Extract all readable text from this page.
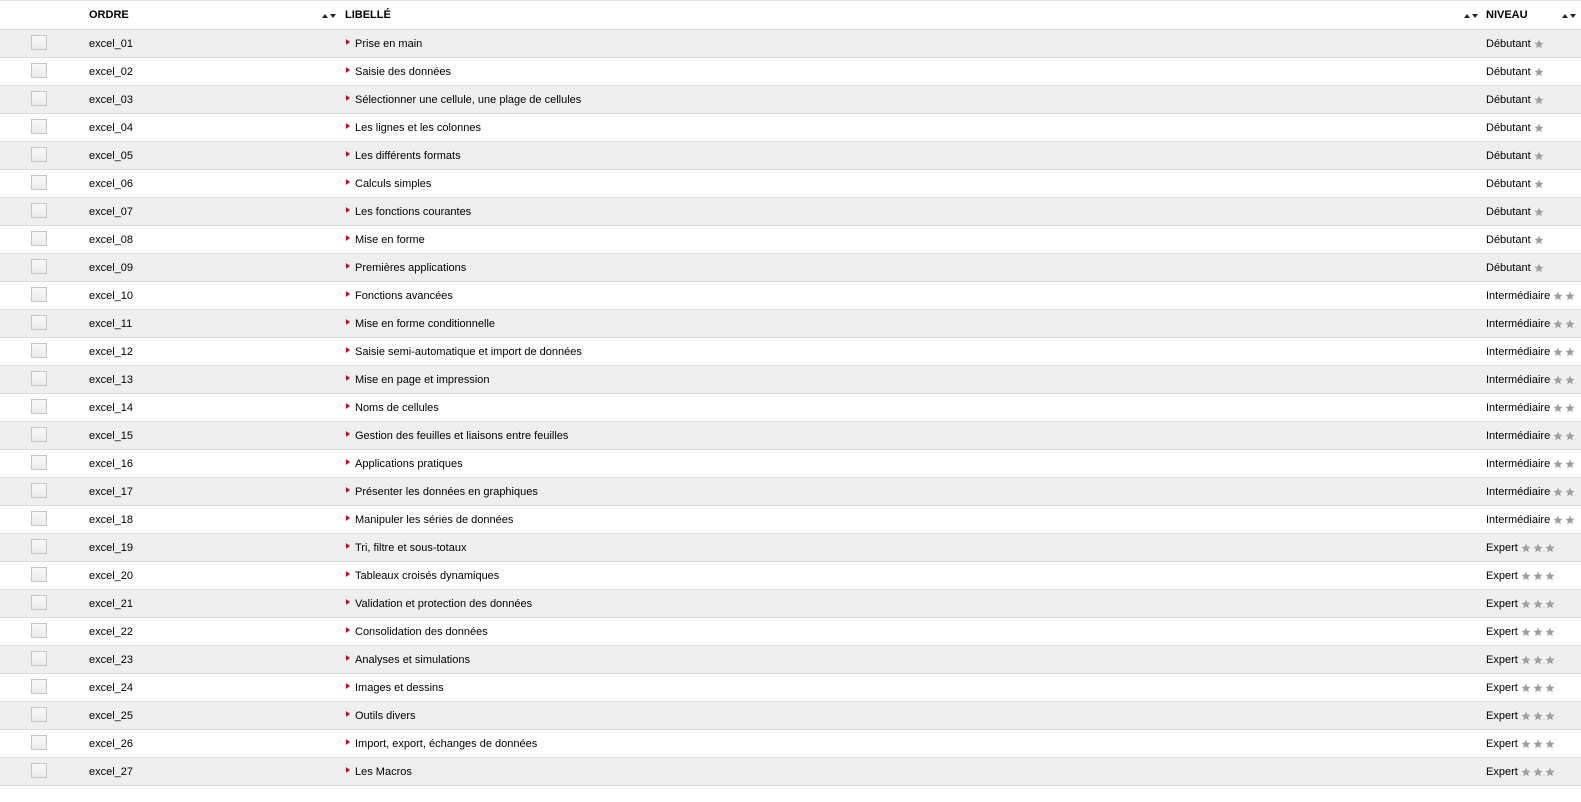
ORDRE	LIBELLÉ	NIVEAU
excel_01	Prise en main	Débutant
excel_02	Saisie des données	Débutant
excel_03	Sélectionner une cellule, une plage de cellules	Débutant
excel_04	Les lignes et les colonnes	Débutant
excel_05	Les différents formats	Débutant
excel_06	Calculs simples	Débutant
excel_07	Les fonctions courantes	Débutant
excel_08	Mise en forme	Débutant
excel_09	Premières applications	Débutant
excel_10	Fonctions avancées	Intermédiaire
excel_11	Mise en forme conditionnelle	Intermédiaire
excel_12	Saisie semi-automatique et import de données	Intermédiaire
excel_13	Mise en page et impression	Intermédiaire
excel_14	Noms de cellules	Intermédiaire
excel_15	Gestion des feuilles et liaisons entre feuilles	Intermédiaire
excel_16	Applications pratiques	Intermédiaire
excel_17	Présenter les données en graphiques	Intermédiaire
excel_18	Manipuler les séries de données	Intermédiaire
excel_19	Tri, filtre et sous-totaux	Expert
excel_20	Tableaux croisés dynamiques	Expert
excel_21	Validation et protection des données	Expert
excel_22	Consolidation des données	Expert
excel_23	Analyses et simulations	Expert
excel_24	Images et dessins	Expert
excel_25	Outils divers	Expert
excel_26	Import, export, échanges de données	Expert
excel_27	Les Macros	Expert
